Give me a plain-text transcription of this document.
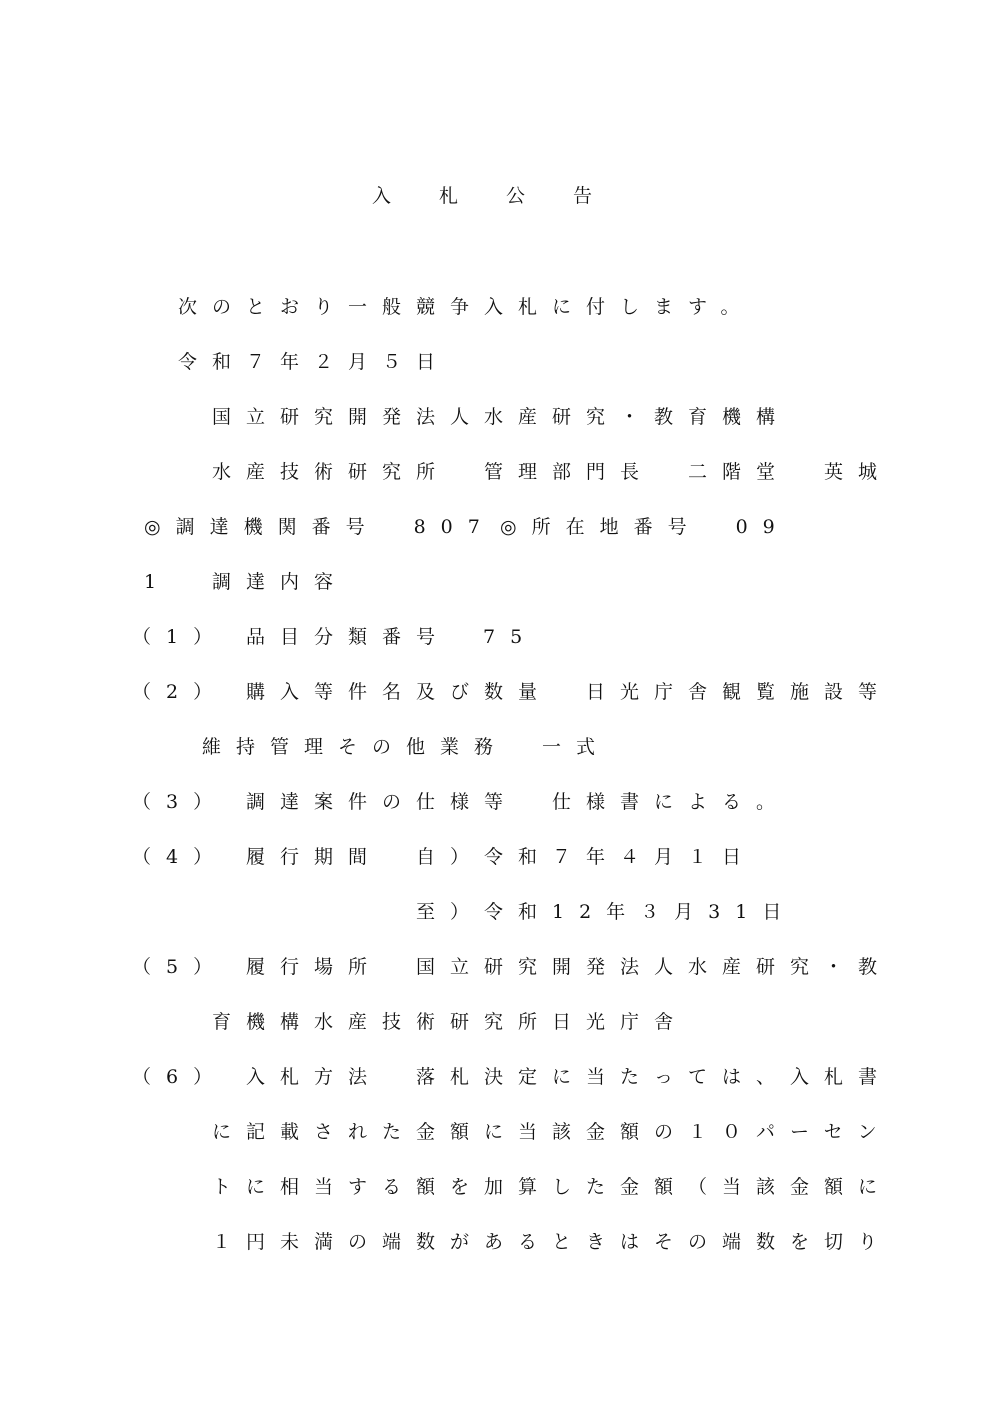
入札公告
次のとおり一般競争入札に付します。
令和７年２月５日
国立研究開発法人水産研究・教育機構
水産技術研究所　管理部門長　二階堂　英城
◎調達機関番号　807 ◎所在地番号　09
1 調達内容
（1） 品目分類番号 75
（2） 購入等件名及び数量 日光庁舎観覧施設等
維持管理その他業務　一式
（3） 調達案件の仕様等 仕様書による。
（4） 履行期間 自）令和７年４月１日
至）令和12年３月31日
（5） 履行場所 国立研究開発法人水産研究・教
育機構水産技術研究所日光庁舎
（6） 入札方法 落札決定に当たっては、入札書
に記載された金額に当該金額の１０パーセン
トに相当する額を加算した金額（当該金額に
１円未満の端数があるときはその端数を切り
